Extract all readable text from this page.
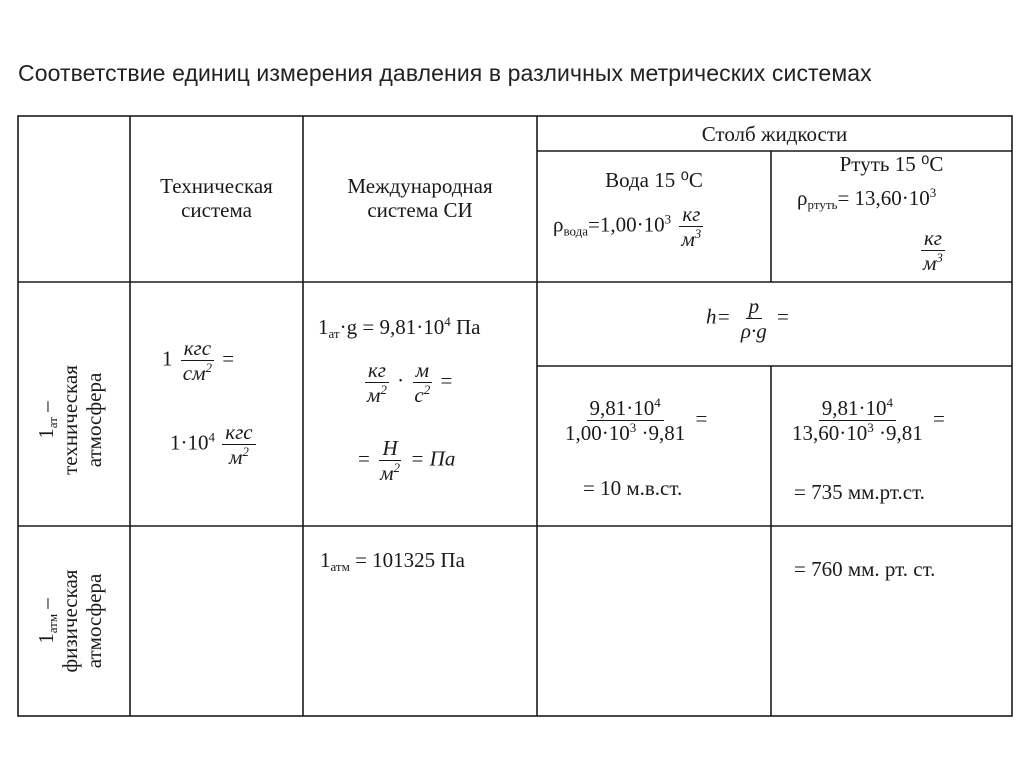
Соответствие единиц измерения давления в различных метрических системах
Столб жидкости
Техническая
система
Международная
система СИ
Вода 15 ⁰С
$\rho_{вода}=1,00\cdot 10^3 \frac{кг}{м^3}$
Ртуть 15 ⁰С
$\rho_{ртуть}= 13,60\cdot 10^3$
$\frac{кг}{м^3}$
$1_{ат}$ – техническая атмосфера
$1 \frac{\text{кгс}}{см^2}$ =
$1\cdot 10^4 \frac{\text{кгс}}{м^2}$
$1_{ат}\cdot g = 9,81\cdot 10^4$ Па
$\frac{кг}{м^2} \cdot \frac{м}{с^2}$ =
= $\frac{Н}{м^2}$ = Па
$h= \frac{p}{\rho\cdot g}$ =
$\frac{9,81\cdot 10^4}{1,00\cdot 10^3 \cdot 9,81}$ =
= 10 м.в.ст.
$\frac{9,81\cdot 10^4}{13,60\cdot 10^3 \cdot 9,81}$ =
= 735 мм.рт.ст.
$1_{атм}$ – физическая атмосфера
$1_{атм} = 101325$ Па	= 760 мм. рт. ст.
